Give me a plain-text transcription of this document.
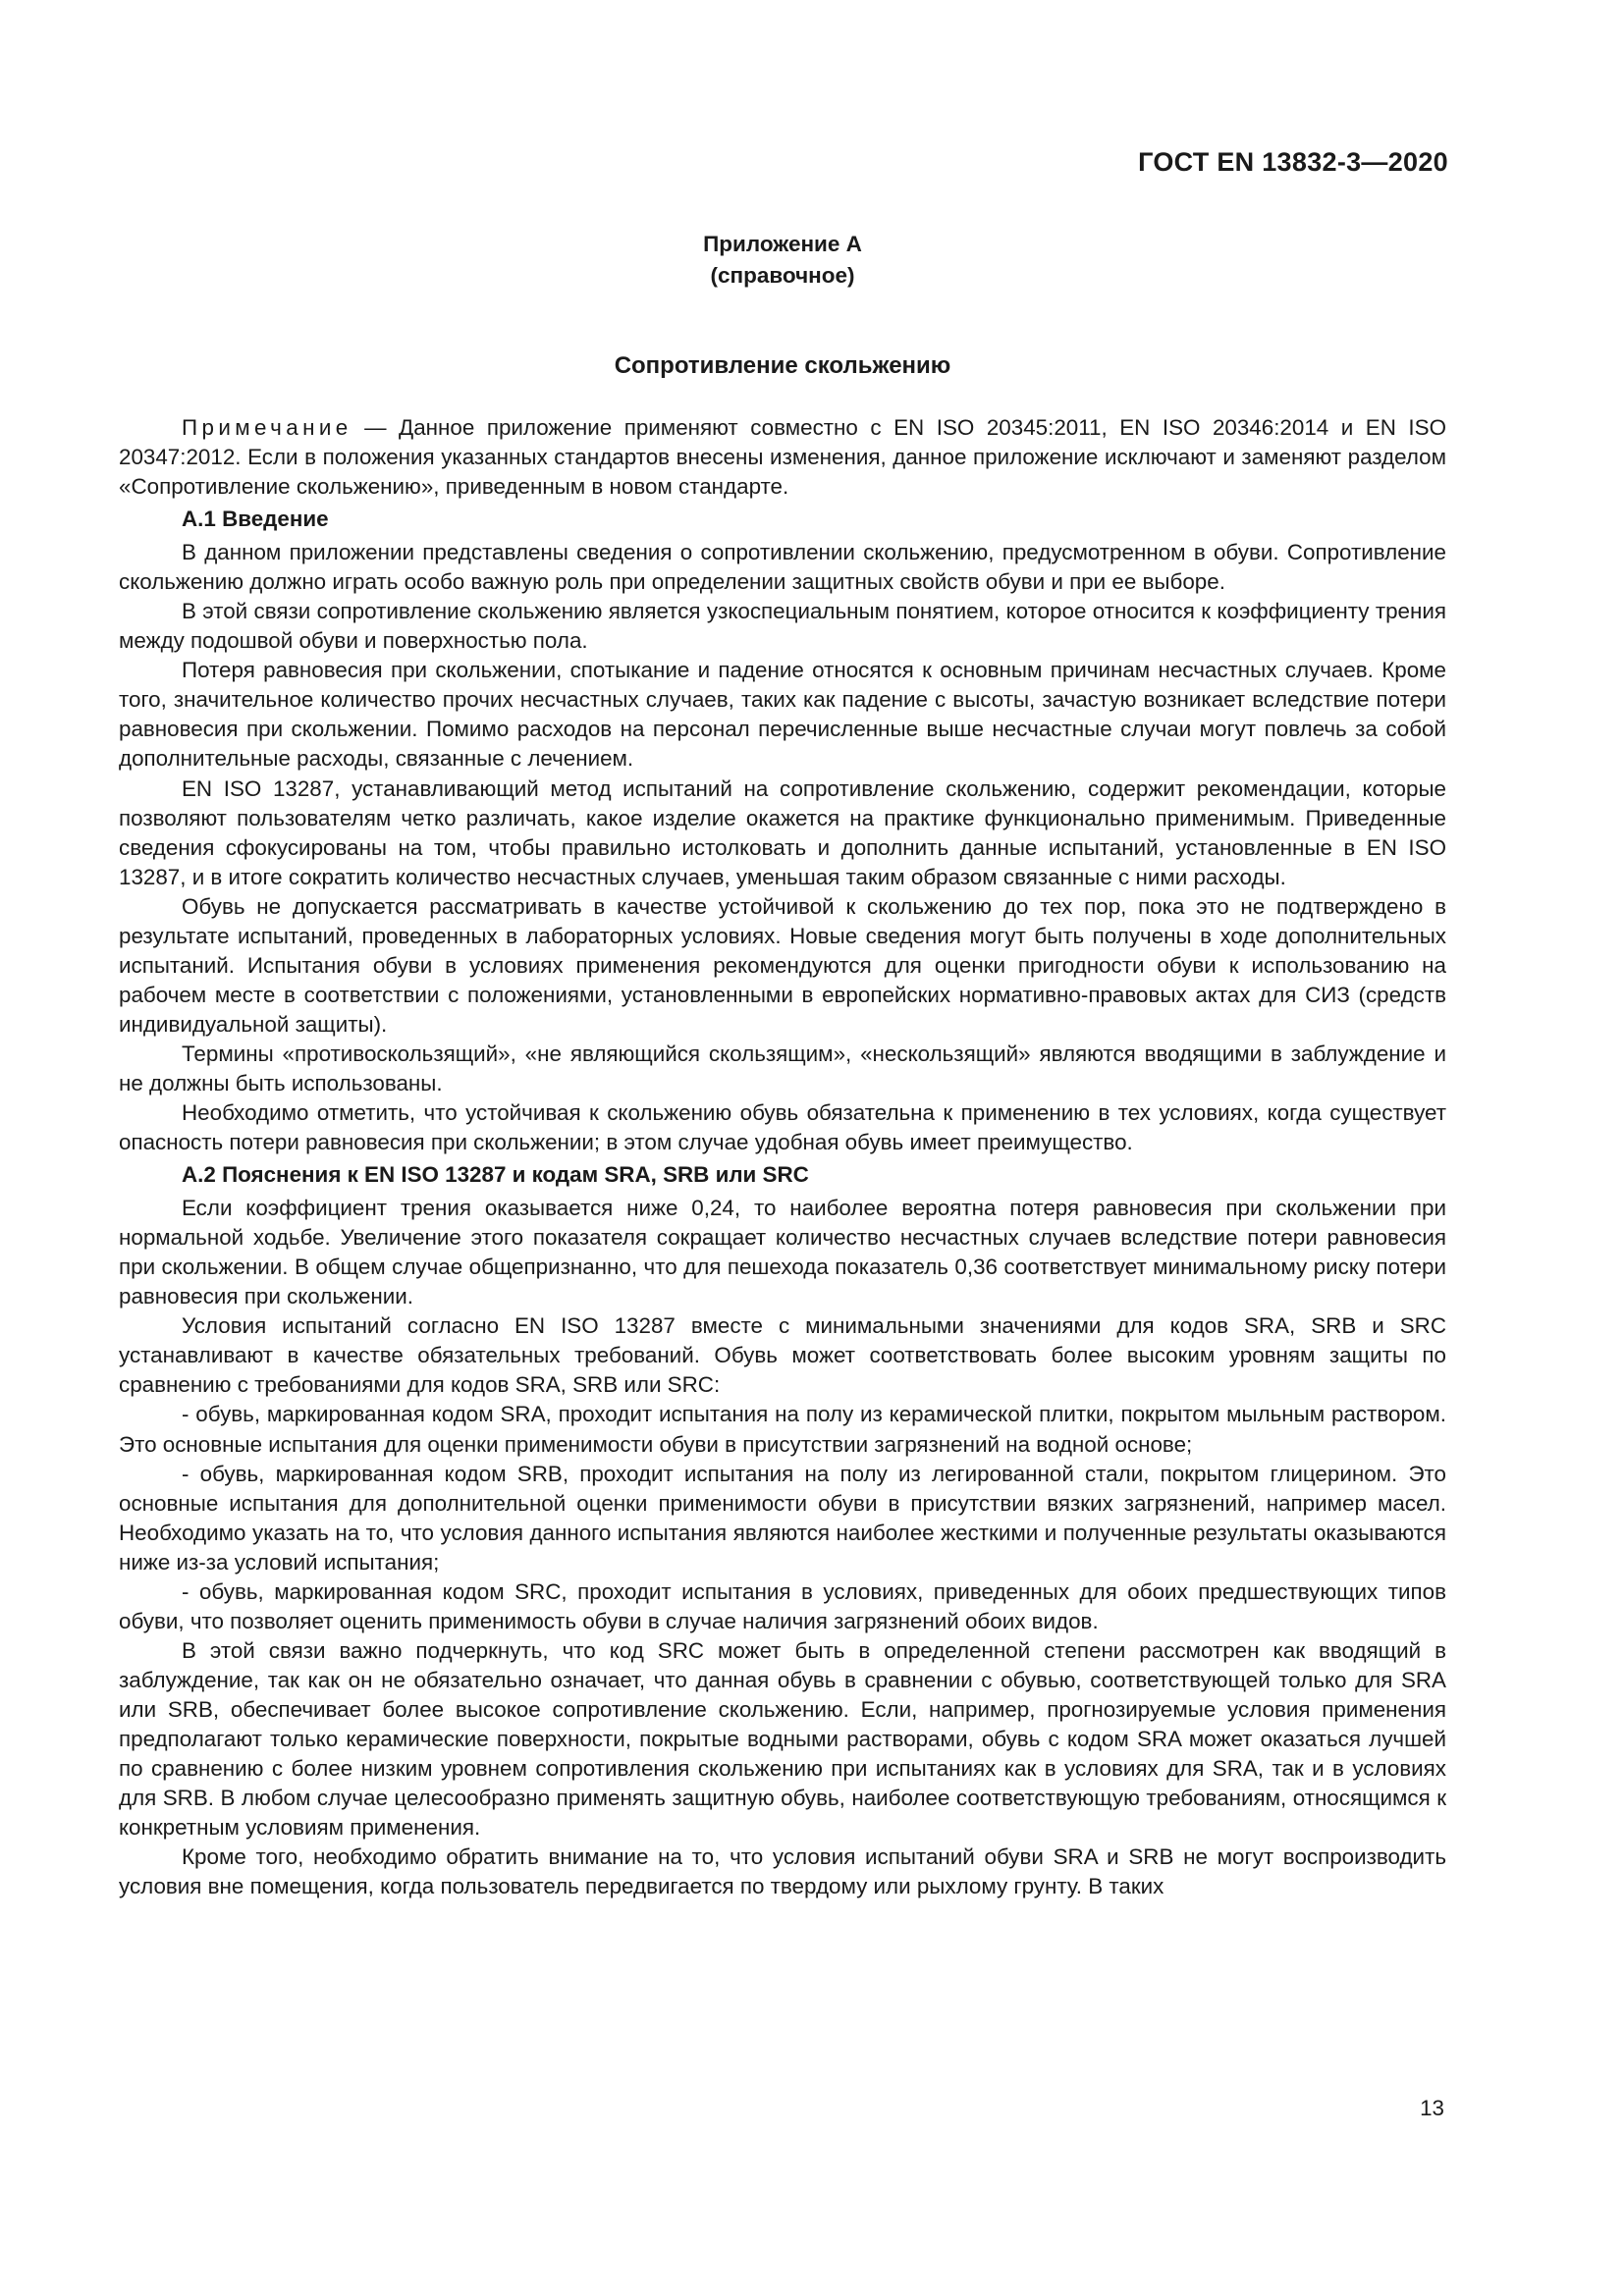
ГОСТ EN 13832-3—2020
Приложение А
(справочное)
Сопротивление скольжению

Примечание — Данное приложение применяют совместно с EN ISO 20345:2011, EN ISO 20346:2014 и EN ISO 20347:2012. Если в положения указанных стандартов внесены изменения, данное приложение исключают и заменяют разделом «Сопротивление скольжению», приведенным в новом стандарте.

А.1 Введение

В данном приложении представлены сведения о сопротивлении скольжению, предусмотренном в обуви. Сопротивление скольжению должно играть особо важную роль при определении защитных свойств обуви и при ее выборе.

В этой связи сопротивление скольжению является узкоспециальным понятием, которое относится к коэффициенту трения между подошвой обуви и поверхностью пола.

Потеря равновесия при скольжении, спотыкание и падение относятся к основным причинам несчастных случаев. Кроме того, значительное количество прочих несчастных случаев, таких как падение с высоты, зачастую возникает вследствие потери равновесия при скольжении. Помимо расходов на персонал перечисленные выше несчастные случаи могут повлечь за собой дополнительные расходы, связанные с лечением.

EN ISO 13287, устанавливающий метод испытаний на сопротивление скольжению, содержит рекомендации, которые позволяют пользователям четко различать, какое изделие окажется на практике функционально применимым. Приведенные сведения сфокусированы на том, чтобы правильно истолковать и дополнить данные испытаний, установленные в EN ISO 13287, и в итоге сократить количество несчастных случаев, уменьшая таким образом связанные с ними расходы.

Обувь не допускается рассматривать в качестве устойчивой к скольжению до тех пор, пока это не подтверждено в результате испытаний, проведенных в лабораторных условиях. Новые сведения могут быть получены в ходе дополнительных испытаний. Испытания обуви в условиях применения рекомендуются для оценки пригодности обуви к использованию на рабочем месте в соответствии с положениями, установленными в европейских нормативно-правовых актах для СИЗ (средств индивидуальной защиты).

Термины «противоскользящий», «не являющийся скользящим», «нескользящий» являются вводящими в заблуждение и не должны быть использованы.

Необходимо отметить, что устойчивая к скольжению обувь обязательна к применению в тех условиях, когда существует опасность потери равновесия при скольжении; в этом случае удобная обувь имеет преимущество.

А.2 Пояснения к EN ISO 13287 и кодам SRA, SRB или SRC

Если коэффициент трения оказывается ниже 0,24, то наиболее вероятна потеря равновесия при скольжении при нормальной ходьбе. Увеличение этого показателя сокращает количество несчастных случаев вследствие потери равновесия при скольжении. В общем случае общепризнанно, что для пешехода показатель 0,36 соответствует минимальному риску потери равновесия при скольжении.

Условия испытаний согласно EN ISO 13287 вместе с минимальными значениями для кодов SRA, SRB и SRC устанавливают в качестве обязательных требований. Обувь может соответствовать более высоким уровням защиты по сравнению с требованиями для кодов SRA, SRB или SRC:

- обувь, маркированная кодом SRA, проходит испытания на полу из керамической плитки, покрытом мыльным раствором. Это основные испытания для оценки применимости обуви в присутствии загрязнений на водной основе;

- обувь, маркированная кодом SRB, проходит испытания на полу из легированной стали, покрытом глицерином. Это основные испытания для дополнительной оценки применимости обуви в присутствии вязких загрязнений, например масел. Необходимо указать на то, что условия данного испытания являются наиболее жесткими и полученные результаты оказываются ниже из-за условий испытания;

- обувь, маркированная кодом SRC, проходит испытания в условиях, приведенных для обоих предшествующих типов обуви, что позволяет оценить применимость обуви в случае наличия загрязнений обоих видов.

В этой связи важно подчеркнуть, что код SRC может быть в определенной степени рассмотрен как вводящий в заблуждение, так как он не обязательно означает, что данная обувь в сравнении с обувью, соответствующей только для SRA или SRB, обеспечивает более высокое сопротивление скольжению. Если, например, прогнозируемые условия применения предполагают только керамические поверхности, покрытые водными растворами, обувь с кодом SRA может оказаться лучшей по сравнению с более низким уровнем сопротивления скольжению при испытаниях как в условиях для SRA, так и в условиях для SRB. В любом случае целесообразно применять защитную обувь, наиболее соответствующую требованиям, относящимся к конкретным условиям применения.

Кроме того, необходимо обратить внимание на то, что условия испытаний обуви SRA и SRB не могут воспроизводить условия вне помещения, когда пользователь передвигается по твердому или рыхлому грунту. В таких

13
